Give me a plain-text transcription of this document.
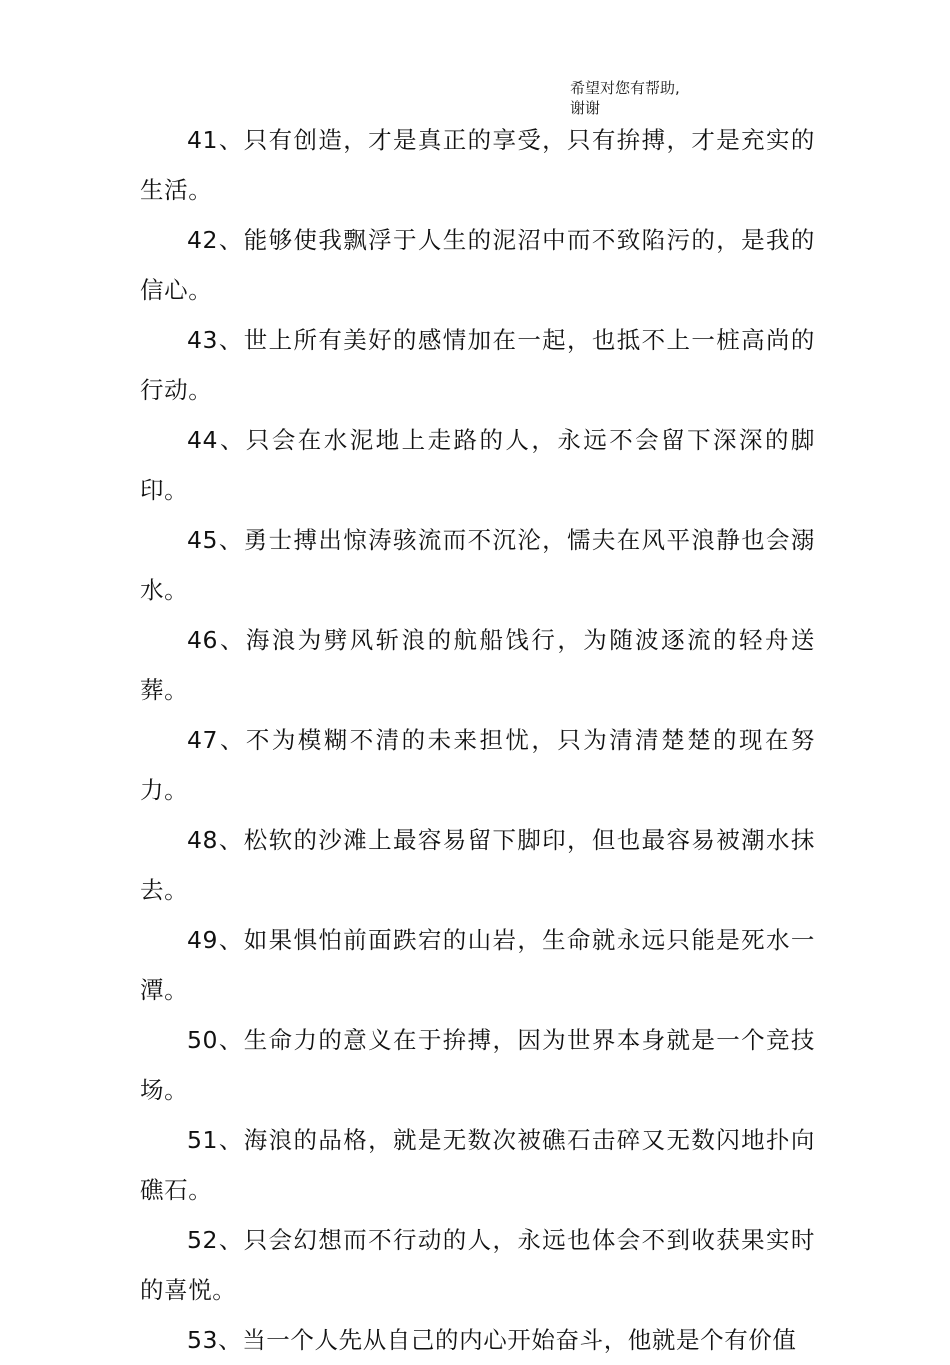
希望对您有帮助,
谢谢

41、只有创造，才是真正的享受，只有拚搏，才是充实的生活。

42、能够使我飘浮于人生的泥沼中而不致陷污的，是我的信心。

43、世上所有美好的感情加在一起，也抵不上一桩高尚的行动。

44、只会在水泥地上走路的人，永远不会留下深深的脚印。

45、勇士搏出惊涛骇流而不沉沦，懦夫在风平浪静也会溺水。

46、海浪为劈风斩浪的航船饯行，为随波逐流的轻舟送葬。

47、不为模糊不清的未来担忧，只为清清楚楚的现在努力。

48、松软的沙滩上最容易留下脚印，但也最容易被潮水抹去。

49、如果惧怕前面跌宕的山岩，生命就永远只能是死水一潭。

50、生命力的意义在于拚搏，因为世界本身就是一个竞技场。

51、海浪的品格，就是无数次被礁石击碎又无数闪地扑向礁石。

52、只会幻想而不行动的人，永远也体会不到收获果实时的喜悦。

53、当一个人先从自己的内心开始奋斗，他就是个有价值
